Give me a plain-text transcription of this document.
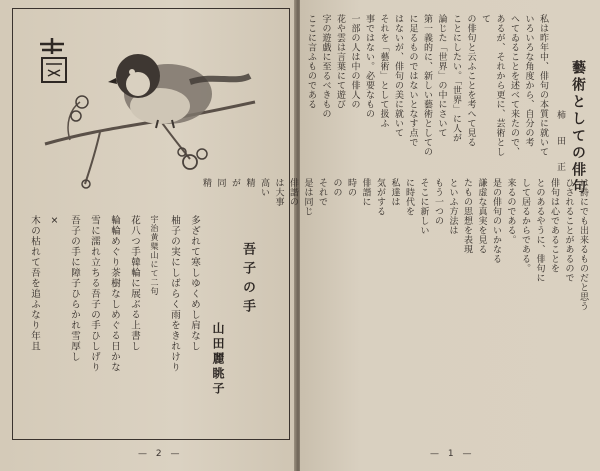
吾子の手
山田麗眺子
多ざれて寒しゆくめし肩なし
柚子の実にしばらく雨をきれけり
宇治黄檗山にて二句
花八つ手韓輪に展ぶる上書し
輪輪めぐり茶樹なしめぐる日かな
雪に濡れ立ちる吾子の手ひしげり
吾子の手に障子ひらかれ雪厚し
×
木の枯れて吾を追ふなり年且
— 2 —
藝術としての俳句
柿　田　正
私は昨年中、俳句の本質に就いて
いろいろな角度から、自分の考
へてゐることを述べて来たので、
あるが、それから更に、芸術として
の俳句と云ふことを考へて見る
ことにしたい。「世界」に人が
論じた「世界」の中にさいて
第一義的に、新しい藝術としての
に足るものではないとなす点で
はないが、俳句の美に就いて
それを「藝術」として扱ふ
事ではない。必要なもの
一部の人は中の俳人の
花や雲は言葉にて遊び
字の遊戯に至るべきもの
ここに言ふものである
は詩にでも出来るものだと思う
ひされることがあるので
俳句は心であることを
とのあるやうに、俳句に
して居るからである。
来るのである。
是の俳句のいかなる
謙虚な真実を見る
たもの思想を表現
といふ方法は
もう一つの
そこに新しい
に時代を
私達は
気がする
俳諧に
時の
のの
それで
是は同じ
俳諧の
は大事
高い
精
が
同
精
— 1 —
